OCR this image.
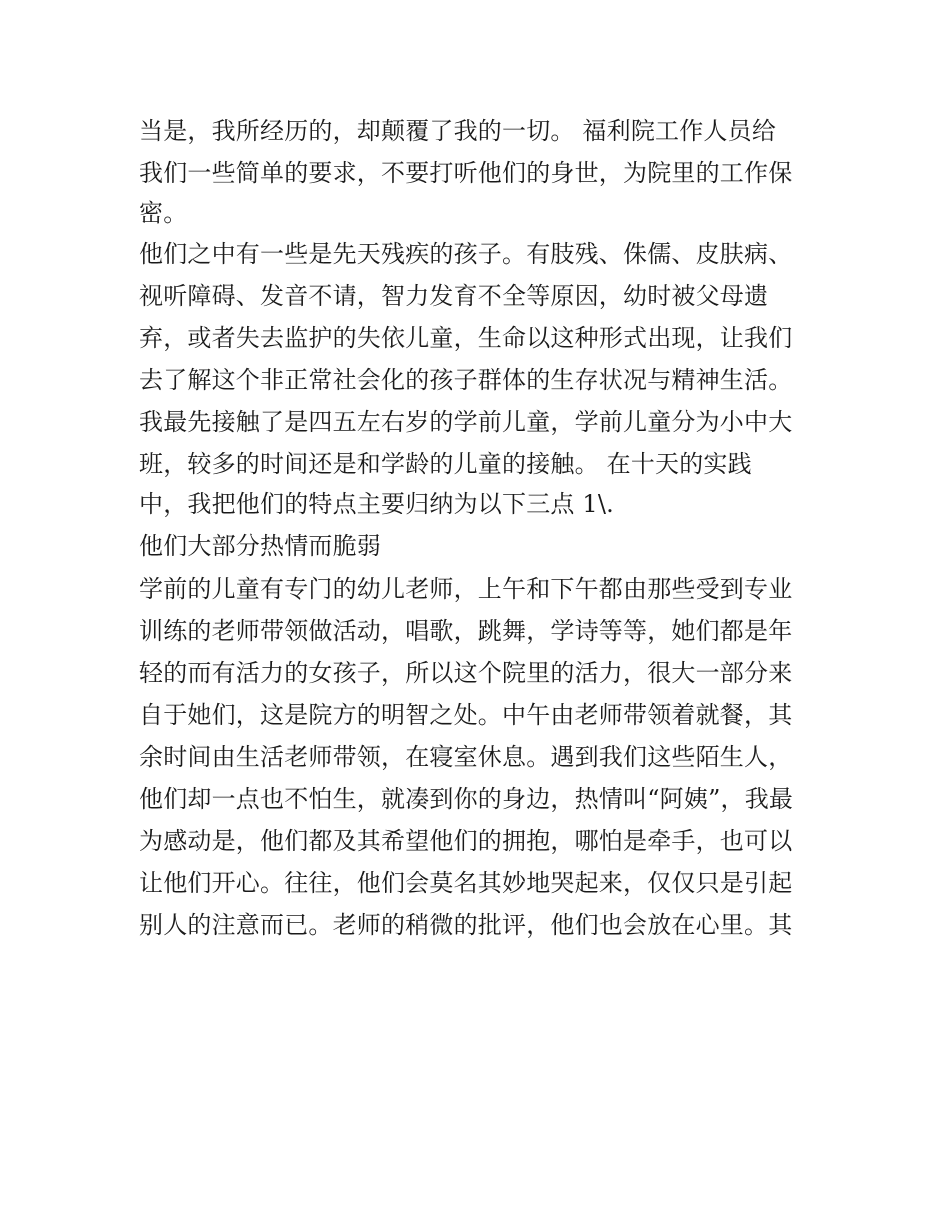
当是，我所经历的，却颠覆了我的一切。 福利院工作人员给
我们一些简单的要求，不要打听他们的身世，为院里的工作保
密。
他们之中有一些是先天残疾的孩子。有肢残、侏儒、皮肤病、
视听障碍、发音不请，智力发育不全等原因，幼时被父母遗
弃，或者失去监护的失依儿童，生命以这种形式出现，让我们
去了解这个非正常社会化的孩子群体的生存状况与精神生活。
我最先接触了是四五左右岁的学前儿童，学前儿童分为小中大
班，较多的时间还是和学龄的儿童的接触。 在十天的实践
中，我把他们的特点主要归纳为以下三点 1\.
他们大部分热情而脆弱
学前的儿童有专门的幼儿老师，上午和下午都由那些受到专业
训练的老师带领做活动，唱歌，跳舞，学诗等等，她们都是年
轻的而有活力的女孩子，所以这个院里的活力，很大一部分来
自于她们，这是院方的明智之处。中午由老师带领着就餐，其
余时间由生活老师带领，在寝室休息。遇到我们这些陌生人，
他们却一点也不怕生，就凑到你的身边，热情叫“阿姨”，我最
为感动是，他们都及其希望他们的拥抱，哪怕是牵手，也可以
让他们开心。往往，他们会莫名其妙地哭起来，仅仅只是引起
别人的注意而已。老师的稍微的批评，他们也会放在心里。其
